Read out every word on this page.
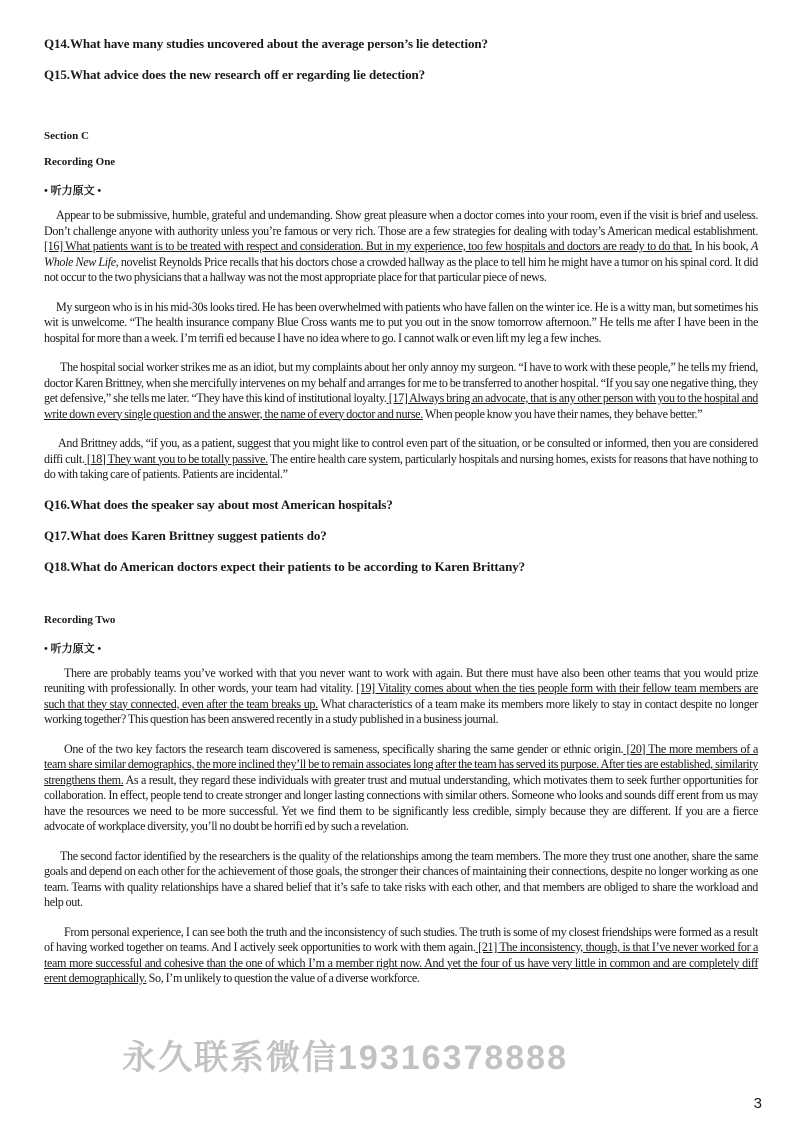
Q14.What have many studies uncovered about the average person’s lie detection?
Q15.What advice does the new research off er regarding lie detection?
Section C
Recording One
• 听力原文 •

Appear to be submissive, humble, grateful and undemanding. Show great pleasure when a doctor comes into your room, even if the visit is brief and useless. Don’t challenge anyone with authority unless you’re famous or very rich. Those are a few strategies for dealing with today’s American medical establishment. [16] What patients want is to be treated with respect and consideration. But in my experience, too few hospitals and doctors are ready to do that. In his book, A Whole New Life, novelist Reynolds Price recalls that his doctors chose a crowded hallway as the place to tell him he might have a tumor on his spinal cord. It did not occur to the two physicians that a hallway was not the most appropriate place for that particular piece of news.

My surgeon who is in his mid-30s looks tired. He has been overwhelmed with patients who have fallen on the winter ice. He is a witty man, but sometimes his wit is unwelcome. “The health insurance company Blue Cross wants me to put you out in the snow tomorrow afternoon.” He tells me after I have been in the hospital for more than a week. I’m terrifi ed because I have no idea where to go. I cannot walk or even lift my leg a few inches.

The hospital social worker strikes me as an idiot, but my complaints about her only annoy my surgeon. “I have to work with these people,” he tells my friend, doctor Karen Brittney, when she mercifully intervenes on my behalf and arranges for me to be transferred to another hospital. “If you say one negative thing, they get defensive,” she tells me later. “They have this kind of institutional loyalty. [17] Always bring an advocate, that is any other person with you to the hospital and write down every single question and the answer, the name of every doctor and nurse. When people know you have their names, they behave better.”

And Brittney adds, “if you, as a patient, suggest that you might like to control even part of the situation, or be consulted or informed, then you are considered diffi cult. [18] They want you to be totally passive. The entire health care system, particularly hospitals and nursing homes, exists for reasons that have nothing to do with taking care of patients. Patients are incidental.”

Q16.What does the speaker say about most American hospitals?
Q17.What does Karen Brittney suggest patients do?
Q18.What do American doctors expect their patients to be according to Karen Brittany?
Recording Two
• 听力原文 •

There are probably teams you’ve worked with that you never want to work with again. But there must have also been other teams that you would prize reuniting with professionally. In other words, your team had vitality. [19] Vitality comes about when the ties people form with their fellow team members are such that they stay connected, even after the team breaks up. What characteristics of a team make its members more likely to stay in contact despite no longer working together? This question has been answered recently in a study published in a business journal.

One of the two key factors the research team discovered is sameness, specifically sharing the same gender or ethnic origin. [20] The more members of a team share similar demographics, the more inclined they’ll be to remain associates long after the team has served its purpose. After ties are established, similarity strengthens them. As a result, they regard these individuals with greater trust and mutual understanding, which motivates them to seek further opportunities for collaboration. In effect, people tend to create stronger and longer lasting connections with similar others. Someone who looks and sounds diff erent from us may have the resources we need to be more successful. Yet we find them to be significantly less credible, simply because they are different. If you are a fierce advocate of workplace diversity, you’ll no doubt be horrifi ed by such a revelation.

The second factor identified by the researchers is the quality of the relationships among the team members. The more they trust one another, share the same goals and depend on each other for the achievement of those goals, the stronger their chances of maintaining their connections, despite no longer working as one team. Teams with quality relationships have a shared belief that it’s safe to take risks with each other, and that members are obliged to share the workload and help out.

From personal experience, I can see both the truth and the inconsistency of such studies. The truth is some of my closest friendships were formed as a result of having worked together on teams. And I actively seek opportunities to work with them again. [21] The inconsistency, though, is that I’ve never worked for a team more successful and cohesive than the one of which I’m a member right now. And yet the four of us have very little in common and are completely diff erent demographically. So, I’m unlikely to question the value of a diverse workforce.

永久联系微信19316378888
3
